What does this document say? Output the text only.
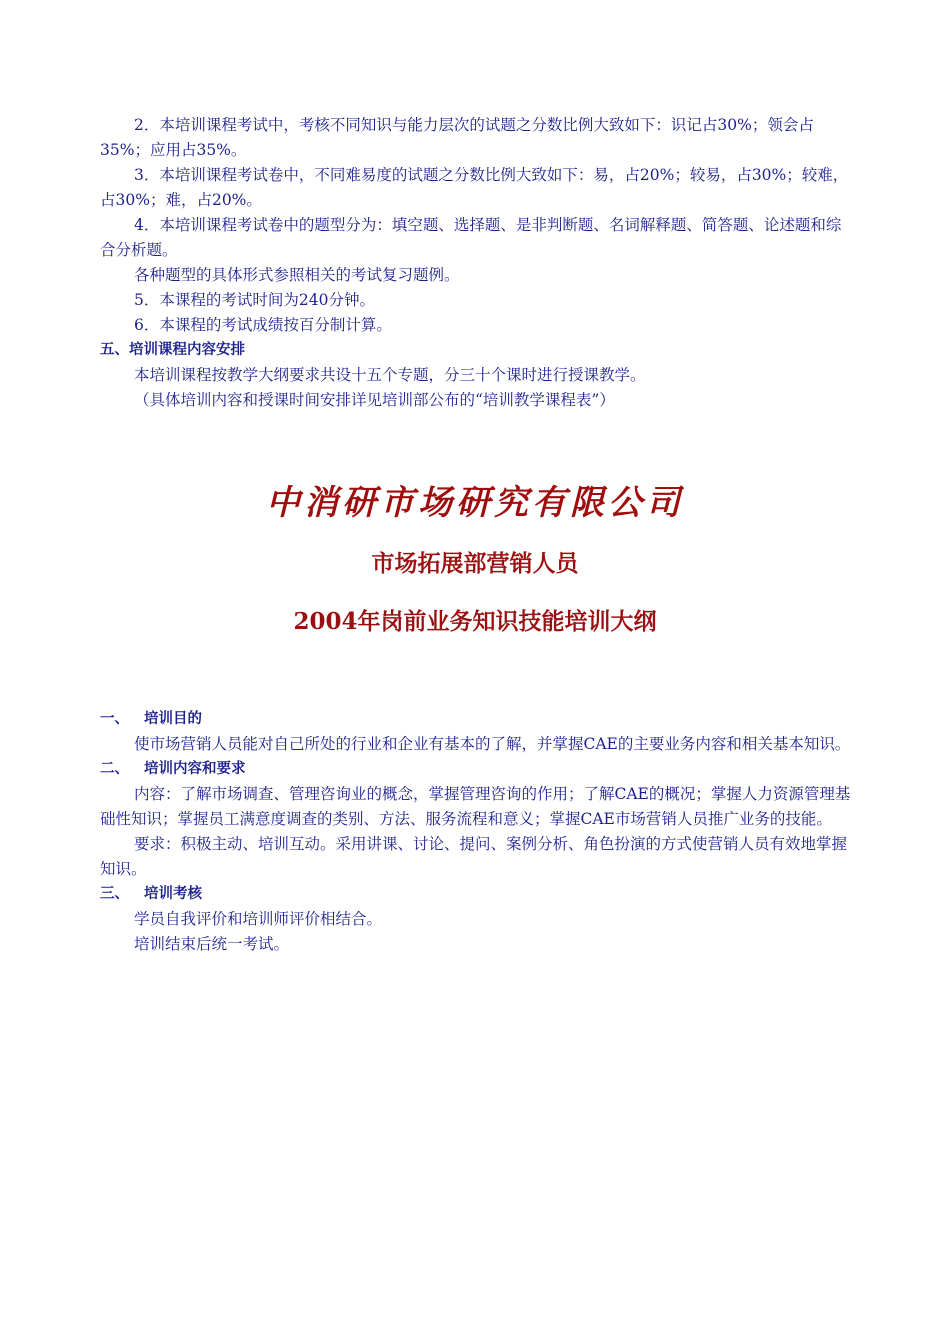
2．本培训课程考试中，考核不同知识与能力层次的试题之分数比例大致如下：识记占30%；领会占35%；应用占35%。

3．本培训课程考试卷中，不同难易度的试题之分数比例大致如下：易，占20%；较易，占30%；较难，占30%；难，占20%。

4．本培训课程考试卷中的题型分为：填空题、选择题、是非判断题、名词解释题、简答题、论述题和综合分析题。

各种题型的具体形式参照相关的考试复习题例。

5．本课程的考试时间为240分钟。

6．本课程的考试成绩按百分制计算。

五、培训课程内容安排

本培训课程按教学大纲要求共设十五个专题，分三十个课时进行授课教学。

（具体培训内容和授课时间安排详见培训部公布的“培训教学课程表”）

中消研市场研究有限公司
市场拓展部营销人员
2004年岗前业务知识技能培训大纲

一、 培训目的

使市场营销人员能对自己所处的行业和企业有基本的了解，并掌握CAE的主要业务内容和相关基本知识。

二、 培训内容和要求

内容：了解市场调查、管理咨询业的概念，掌握管理咨询的作用；了解CAE的概况；掌握人力资源管理基础性知识；掌握员工满意度调查的类别、方法、服务流程和意义；掌握CAE市场营销人员推广业务的技能。

要求：积极主动、培训互动。采用讲课、讨论、提问、案例分析、角色扮演的方式使营销人员有效地掌握知识。

三、 培训考核

学员自我评价和培训师评价相结合。

培训结束后统一考试。
